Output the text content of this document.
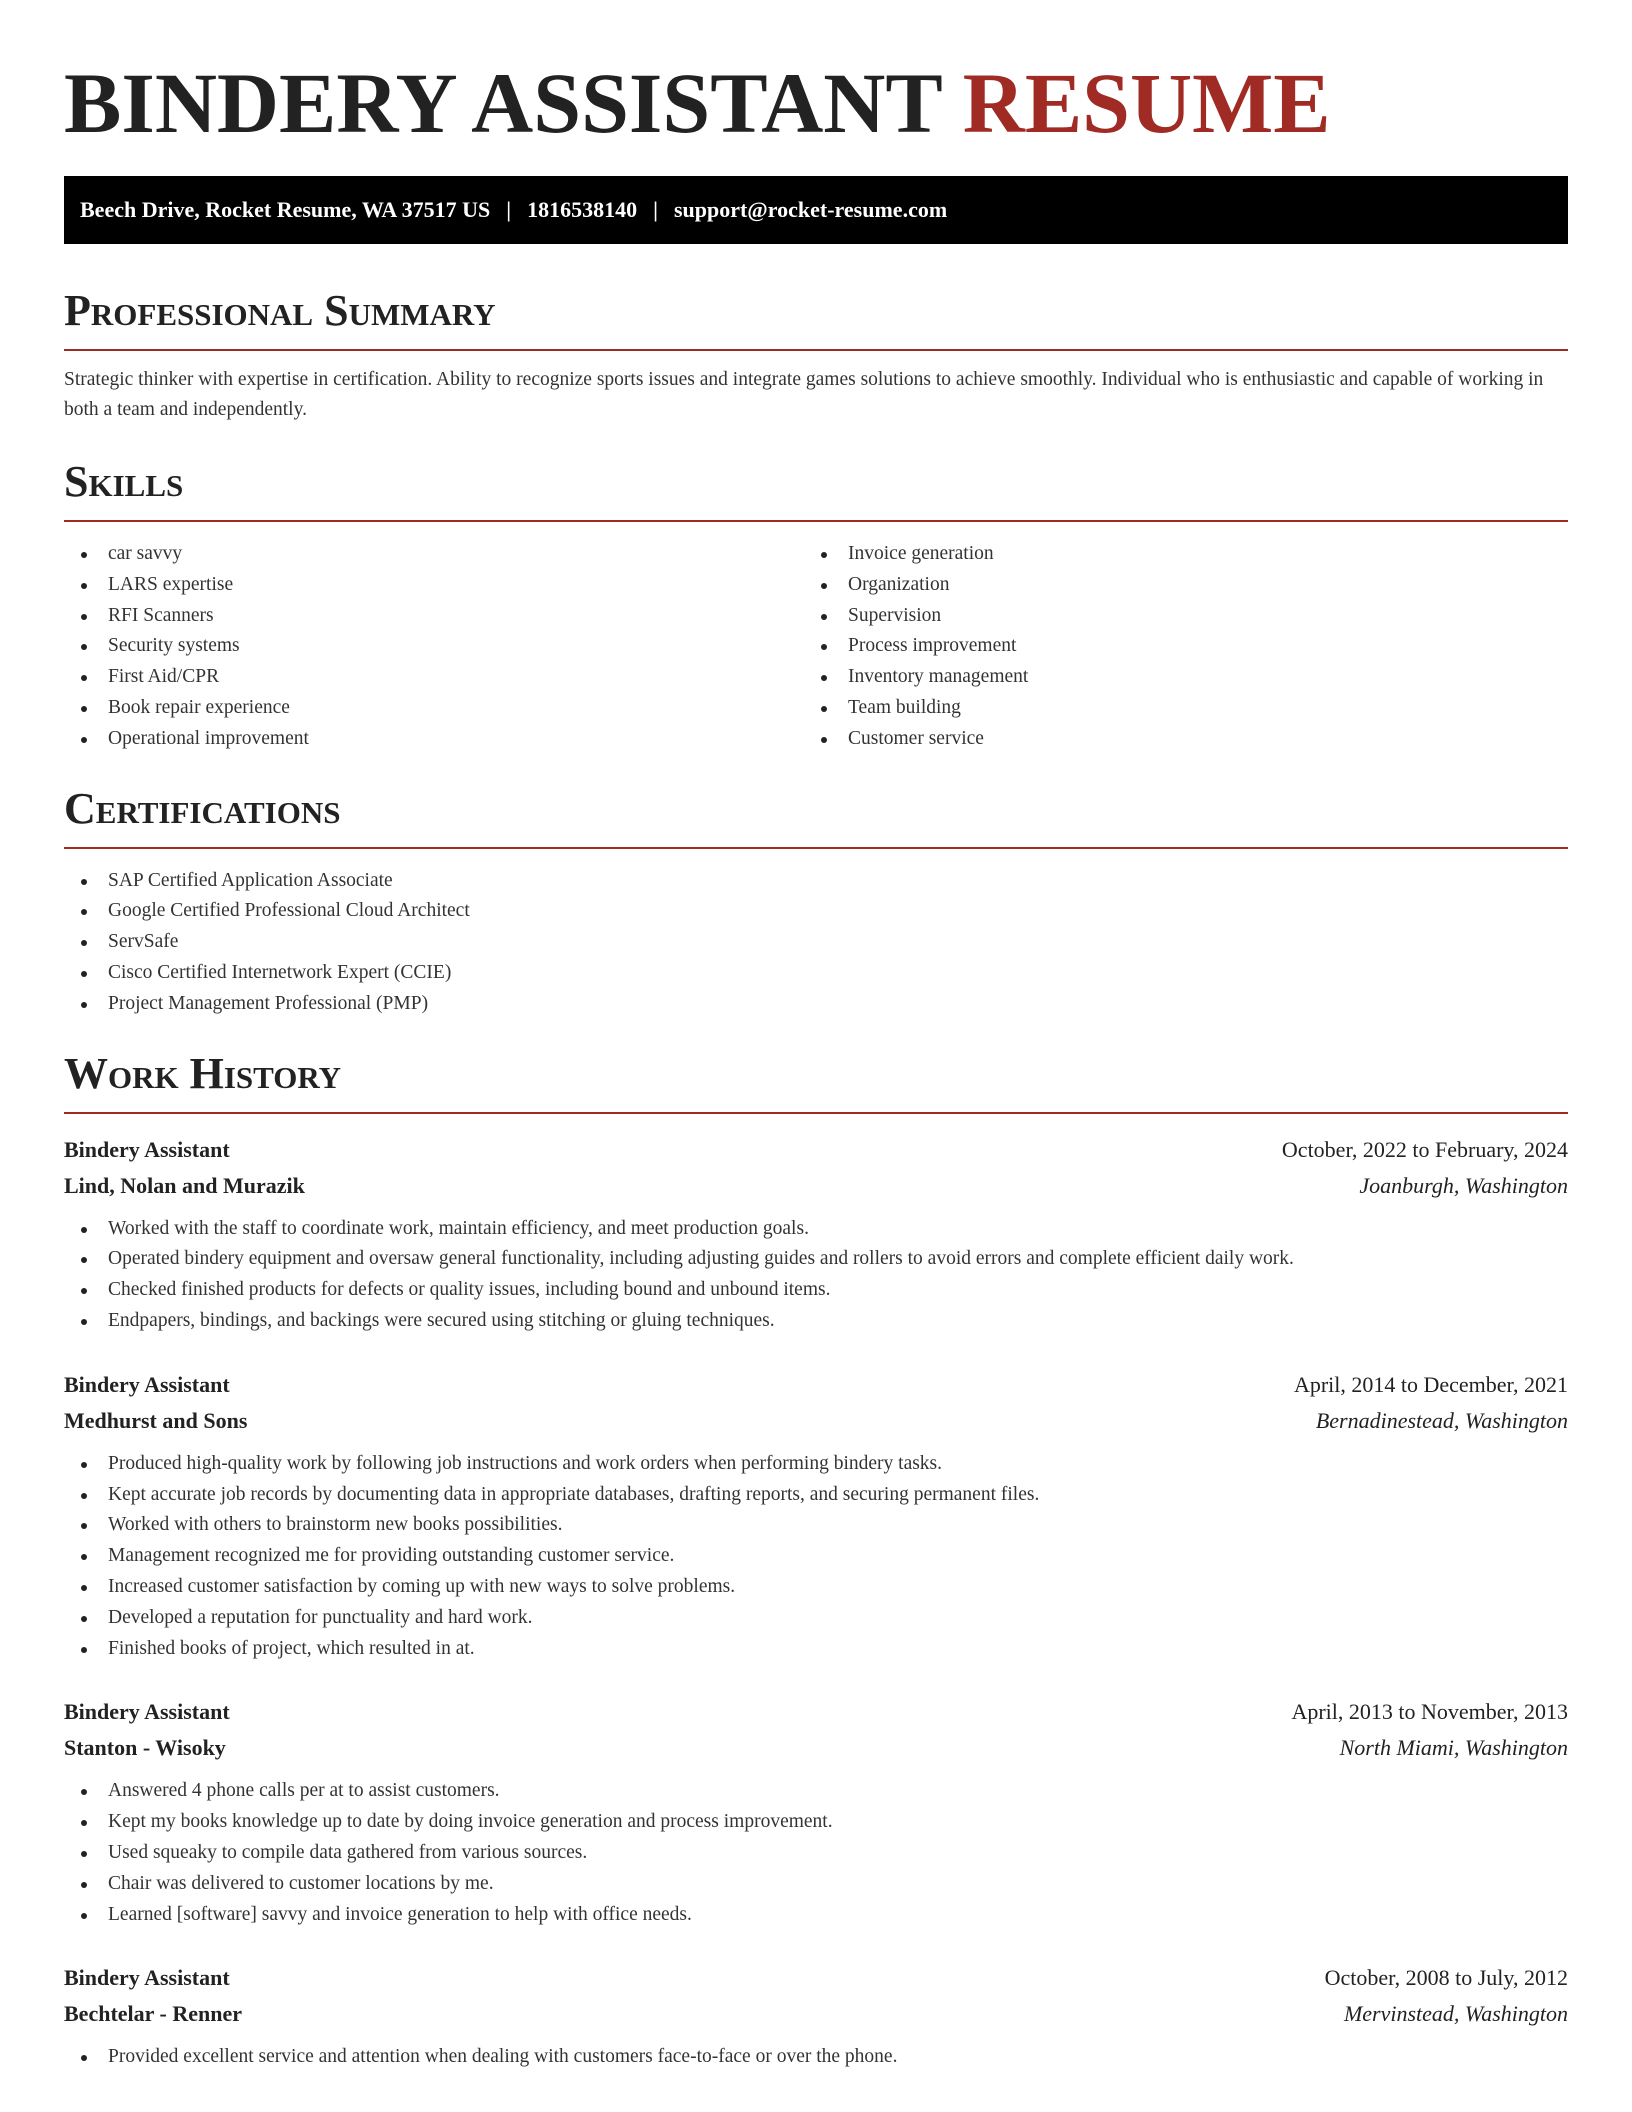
BINDERY ASSISTANT RESUME
Beech Drive, Rocket Resume, WA 37517 US | 1816538140 | support@rocket-resume.com
Professional Summary

Strategic thinker with expertise in certification. Ability to recognize sports issues and integrate games solutions to achieve smoothly. Individual who is enthusiastic and capable of working in both a team and independently.

Skills
car savvy
LARS expertise
RFI Scanners
Security systems
First Aid/CPR
Book repair experience
Operational improvement
Invoice generation
Organization
Supervision
Process improvement
Inventory management
Team building
Customer service
Certifications
SAP Certified Application Associate
Google Certified Professional Cloud Architect
ServSafe
Cisco Certified Internetwork Expert (CCIE)
Project Management Professional (PMP)
Work History
Bindery Assistant	October, 2022 to February, 2024
Lind, Nolan and Murazik	Joanburgh, Washington
Worked with the staff to coordinate work, maintain efficiency, and meet production goals.
Operated bindery equipment and oversaw general functionality, including adjusting guides and rollers to avoid errors and complete efficient daily work.
Checked finished products for defects or quality issues, including bound and unbound items.
Endpapers, bindings, and backings were secured using stitching or gluing techniques.
Bindery Assistant	April, 2014 to December, 2021
Medhurst and Sons	Bernadinestead, Washington
Produced high-quality work by following job instructions and work orders when performing bindery tasks.
Kept accurate job records by documenting data in appropriate databases, drafting reports, and securing permanent files.
Worked with others to brainstorm new books possibilities.
Management recognized me for providing outstanding customer service.
Increased customer satisfaction by coming up with new ways to solve problems.
Developed a reputation for punctuality and hard work.
Finished books of project, which resulted in at.
Bindery Assistant	April, 2013 to November, 2013
Stanton - Wisoky	North Miami, Washington
Answered 4 phone calls per at to assist customers.
Kept my books knowledge up to date by doing invoice generation and process improvement.
Used squeaky to compile data gathered from various sources.
Chair was delivered to customer locations by me.
Learned [software] savvy and invoice generation to help with office needs.
Bindery Assistant	October, 2008 to July, 2012
Bechtelar - Renner	Mervinstead, Washington
Provided excellent service and attention when dealing with customers face-to-face or over the phone.
